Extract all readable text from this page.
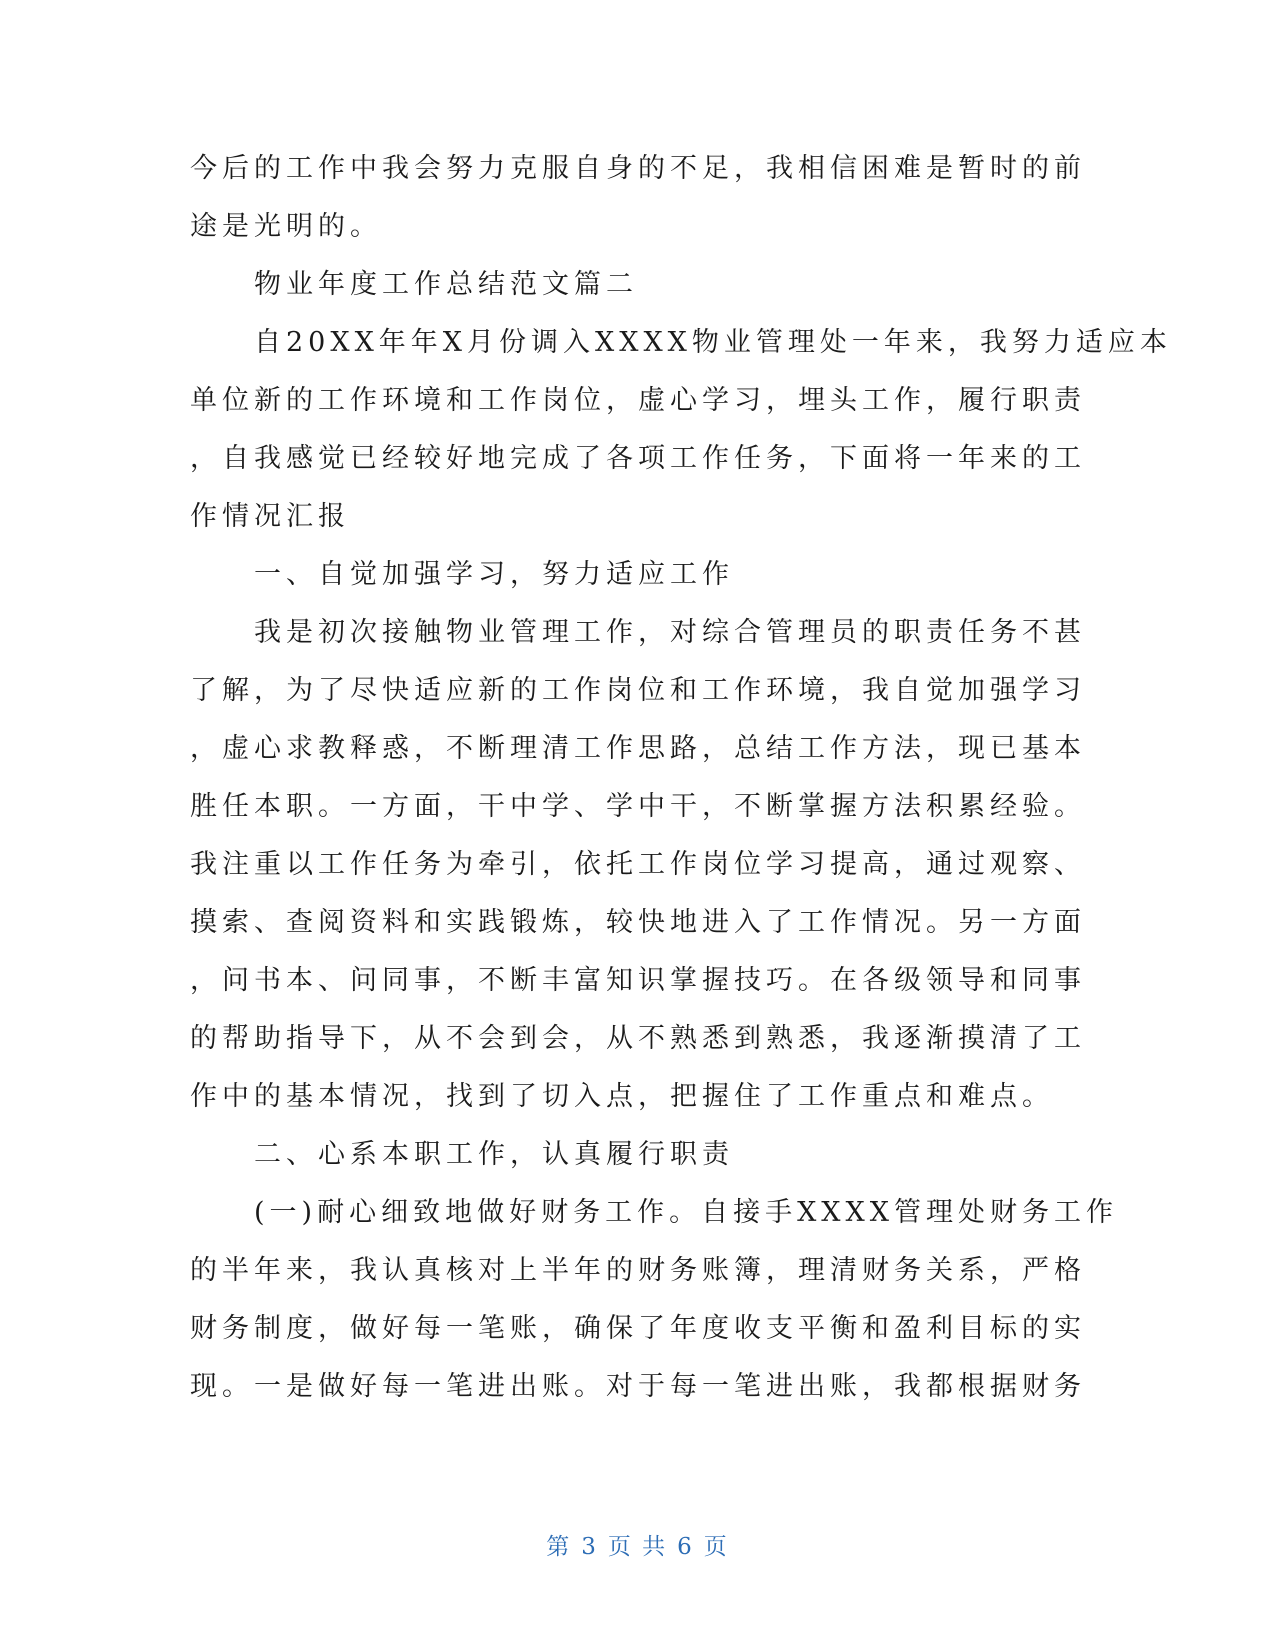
今后的工作中我会努力克服自身的不足，我相信困难是暂时的前
途是光明的。
　　物业年度工作总结范文篇二
　　自20XX年年X月份调入XXXX物业管理处一年来，我努力适应本
单位新的工作环境和工作岗位，虚心学习，埋头工作，履行职责
，自我感觉已经较好地完成了各项工作任务，下面将一年来的工
作情况汇报
　　一、自觉加强学习，努力适应工作
　　我是初次接触物业管理工作，对综合管理员的职责任务不甚
了解，为了尽快适应新的工作岗位和工作环境，我自觉加强学习
，虚心求教释惑，不断理清工作思路，总结工作方法，现已基本
胜任本职。一方面，干中学、学中干，不断掌握方法积累经验。
我注重以工作任务为牵引，依托工作岗位学习提高，通过观察、
摸索、查阅资料和实践锻炼，较快地进入了工作情况。另一方面
，问书本、问同事，不断丰富知识掌握技巧。在各级领导和同事
的帮助指导下，从不会到会，从不熟悉到熟悉，我逐渐摸清了工
作中的基本情况，找到了切入点，把握住了工作重点和难点。
　　二、心系本职工作，认真履行职责
　　(一)耐心细致地做好财务工作。自接手XXXX管理处财务工作
的半年来，我认真核对上半年的财务账簿，理清财务关系，严格
财务制度，做好每一笔账，确保了年度收支平衡和盈利目标的实
现。一是做好每一笔进出账。对于每一笔进出账，我都根据财务
第 3 页 共 6 页
